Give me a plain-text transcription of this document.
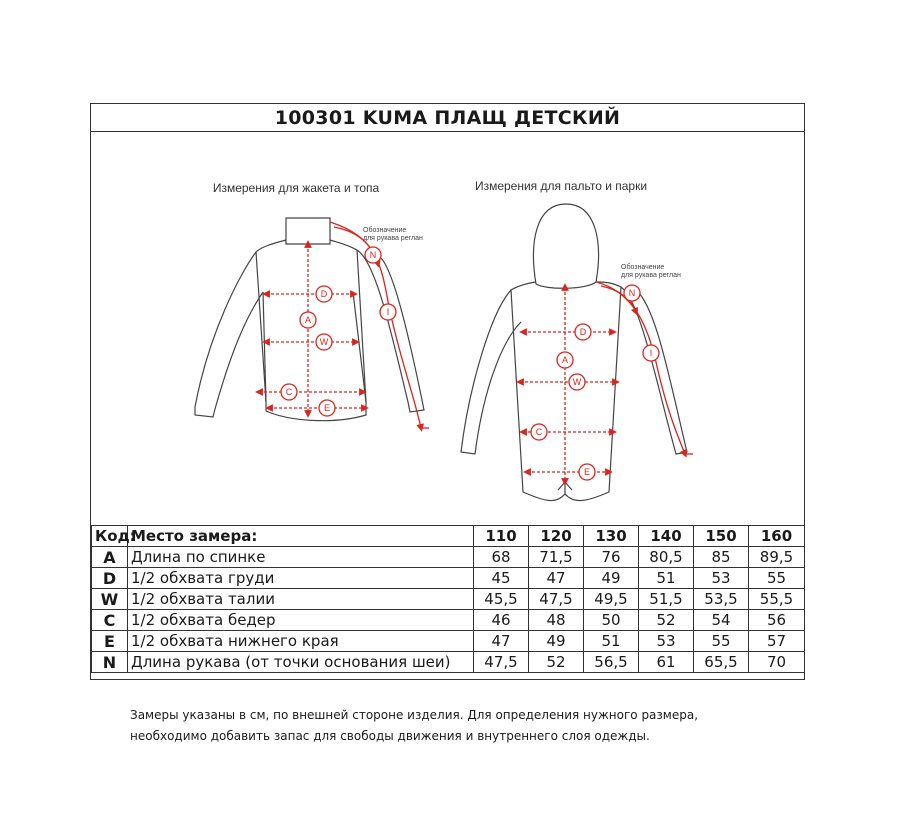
100301 KUMA ПЛАЩ ДЕТСКИЙ
Измерения для жакета и топа	Измерения для пальто и парки
D
A
W
C
E
N
I
Обозначение
для рукава реглан
D
A
W
C
E
N
I
Обозначение
для рукава реглан
Код:	Место замера:	110	120	130	140	150	160
A	Длина по спинке	68	71,5	76	80,5	85	89,5
D	1/2 обхвата груди	45	47	49	51	53	55
W	1/2 обхвата талии	45,5	47,5	49,5	51,5	53,5	55,5
C	1/2 обхвата бедер	46	48	50	52	54	56
E	1/2 обхвата нижнего края	47	49	51	53	55	57
N	Длина рукава (от точки основания шеи)	47,5	52	56,5	61	65,5	70

Замеры указаны в см, по внешней стороне изделия. Для определения нужного размера,

необходимо добавить запас для свободы движения и внутреннего слоя одежды.
